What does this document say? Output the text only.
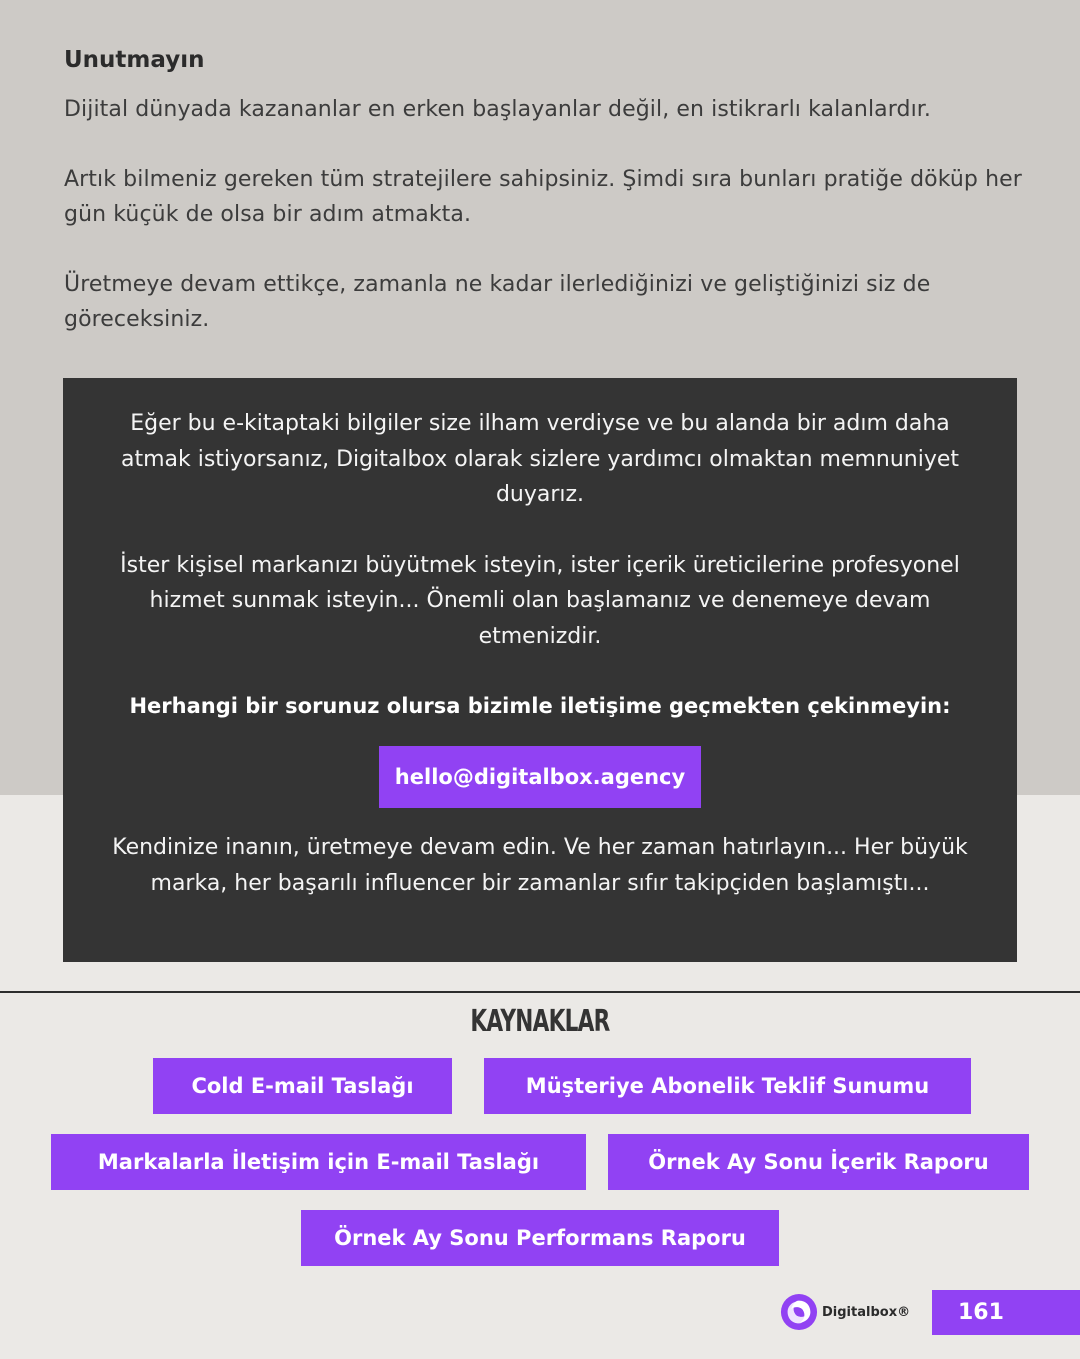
Unutmayın

Dijital dünyada kazananlar en erken başlayanlar değil, en istikrarlı kalanlardır.

Artık bilmeniz gereken tüm stratejilere sahipsiniz. Şimdi sıra bunları pratiğe döküp her gün küçük de olsa bir adım atmakta.

Üretmeye devam ettikçe, zamanla ne kadar ilerlediğinizi ve geliştiğinizi siz de göreceksiniz.

Eğer bu e-kitaptaki bilgiler size ilham verdiyse ve bu alanda bir adım daha atmak istiyorsanız, Digitalbox olarak sizlere yardımcı olmaktan memnuniyet duyarız.

İster kişisel markanızı büyütmek isteyin, ister içerik üreticilerine profesyonel hizmet sunmak isteyin... Önemli olan başlamanız ve denemeye devam etmenizdir.

Herhangi bir sorunuz olursa bizimle iletişime geçmekten çekinmeyin:
hello@digitalbox.agency

Kendinize inanın, üretmeye devam edin. Ve her zaman hatırlayın... Her büyük marka, her başarılı influencer bir zamanlar sıfır takipçiden başlamıştı...

KAYNAKLAR
Cold E-mail Taslağı	Müşteriye Abonelik Teklif Sunumu
Markalarla İletişim için E-mail Taslağı	Örnek Ay Sonu İçerik Raporu
Örnek Ay Sonu Performans Raporu
Digitalbox®	161
